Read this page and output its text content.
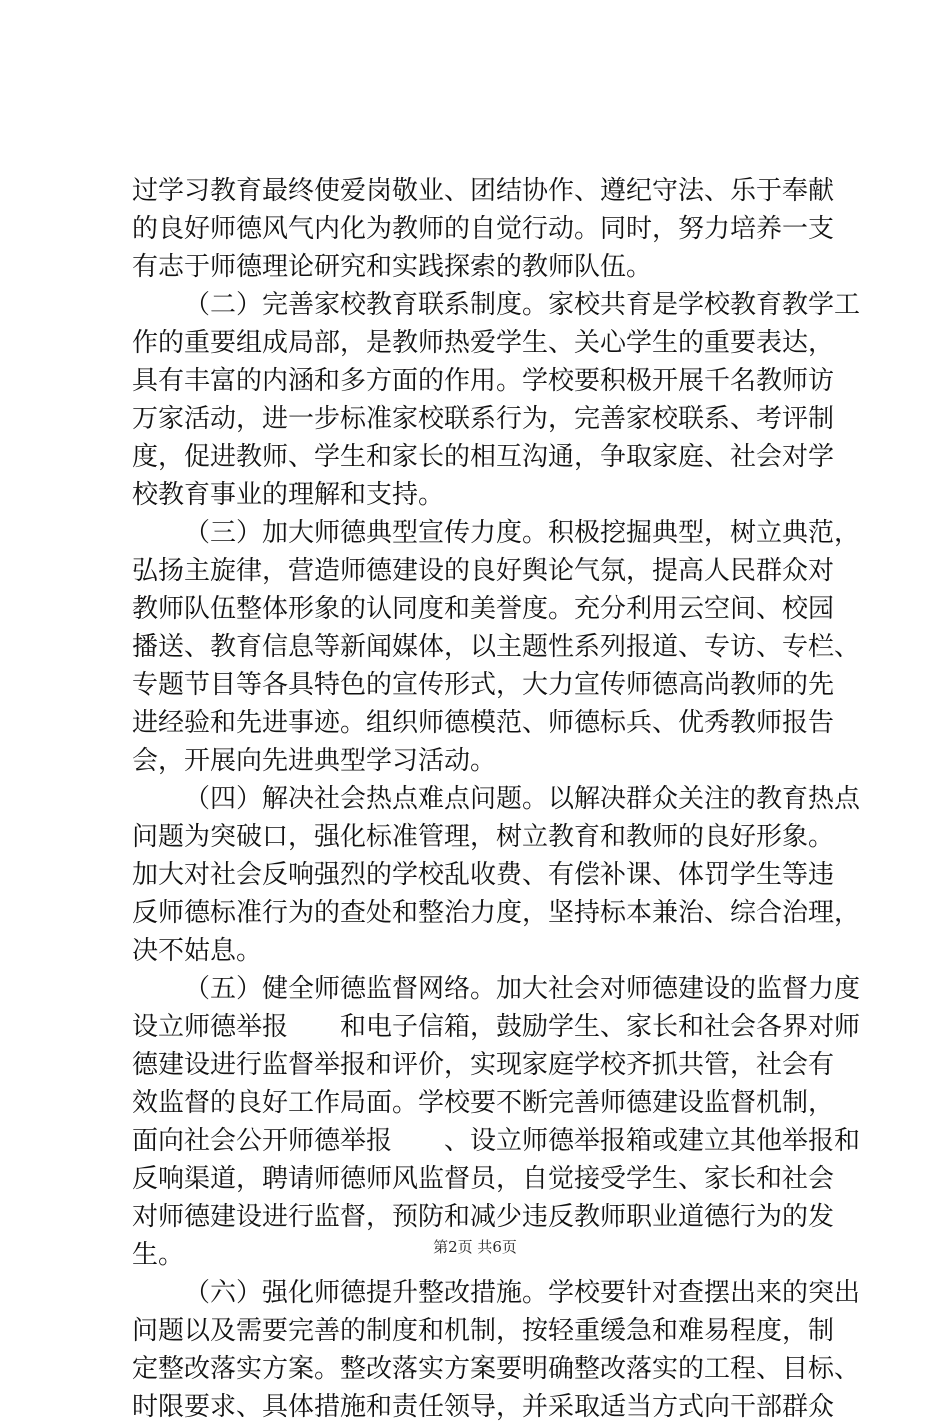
过学习教育最终使爱岗敬业、团结协作、遵纪守法、乐于奉献
的良好师德风气内化为教师的自觉行动。同时，努力培养一支
有志于师德理论研究和实践探索的教师队伍。
（二）完善家校教育联系制度。家校共育是学校教育教学工
作的重要组成局部，是教师热爱学生、关心学生的重要表达，
具有丰富的内涵和多方面的作用。学校要积极开展千名教师访
万家活动，进一步标准家校联系行为，完善家校联系、考评制
度，促进教师、学生和家长的相互沟通，争取家庭、社会对学
校教育事业的理解和支持。
（三）加大师德典型宣传力度。积极挖掘典型，树立典范，
弘扬主旋律，营造师德建设的良好舆论气氛，提高人民群众对
教师队伍整体形象的认同度和美誉度。充分利用云空间、校园
播送、教育信息等新闻媒体，以主题性系列报道、专访、专栏、
专题节目等各具特色的宣传形式，大力宣传师德高尚教师的先
进经验和先进事迹。组织师德模范、师德标兵、优秀教师报告
会，开展向先进典型学习活动。
（四）解决社会热点难点问题。以解决群众关注的教育热点
问题为突破口，强化标准管理，树立教育和教师的良好形象。
加大对社会反响强烈的学校乱收费、有偿补课、体罚学生等违
反师德标准行为的查处和整治力度，坚持标本兼治、综合治理，
决不姑息。
（五）健全师德监督网络。加大社会对师德建设的监督力度
设立师德举报　　和电子信箱，鼓励学生、家长和社会各界对师
德建设进行监督举报和评价，实现家庭学校齐抓共管，社会有
效监督的良好工作局面。学校要不断完善师德建设监督机制，
面向社会公开师德举报　　、设立师德举报箱或建立其他举报和
反响渠道，聘请师德师风监督员，自觉接受学生、家长和社会
对师德建设进行监督，预防和减少违反教师职业道德行为的发
生。
（六）强化师德提升整改措施。学校要针对查摆出来的突出
问题以及需要完善的制度和机制，按轻重缓急和难易程度，制
定整改落实方案。整改落实方案要明确整改落实的工程、目标、
时限要求、具体措施和责任领导，并采取适当方式向干部群众
第2页 共6页
